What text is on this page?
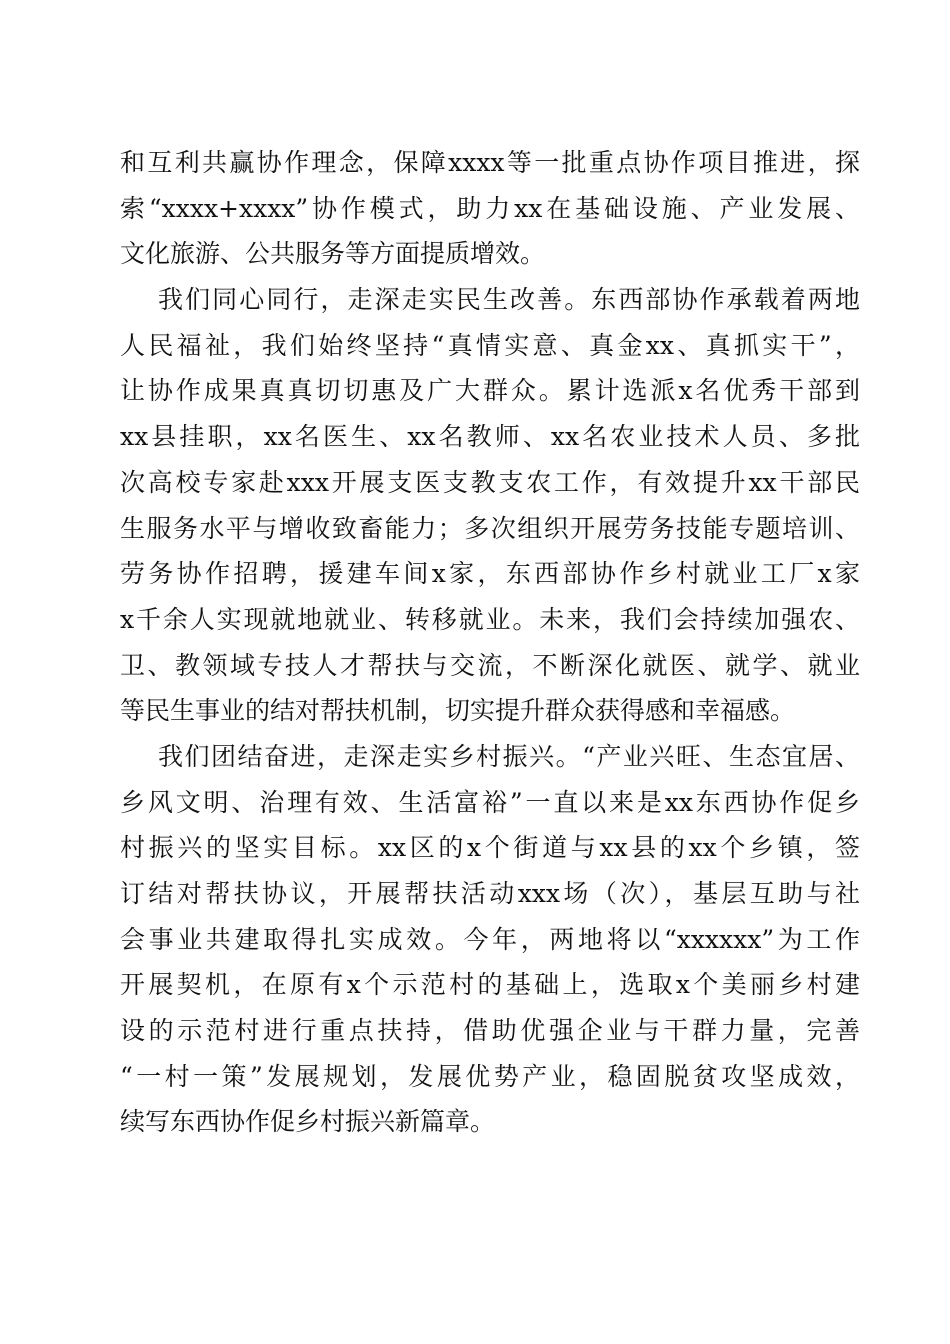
和互利共赢协作理念，保障xxxx等一批重点协作项目推进，探
索“xxxx+xxxx”协作模式，助力xx在基础设施、产业发展、
文化旅游、公共服务等方面提质增效。
我们同心同行，走深走实民生改善。东西部协作承载着两地
人民福祉，我们始终坚持“真情实意、真金xx、真抓实干”，
让协作成果真真切切惠及广大群众。累计选派x名优秀干部到
xx县挂职，xx名医生、xx名教师、xx名农业技术人员、多批
次高校专家赴xxx开展支医支教支农工作，有效提升xx干部民
生服务水平与增收致畜能力；多次组织开展劳务技能专题培训、
劳务协作招聘，援建车间x家，东西部协作乡村就业工厂x家
x千余人实现就地就业、转移就业。未来，我们会持续加强农、
卫、教领域专技人才帮扶与交流，不断深化就医、就学、就业
等民生事业的结对帮扶机制，切实提升群众获得感和幸福感。
我们团结奋进，走深走实乡村振兴。“产业兴旺、生态宜居、
乡风文明、治理有效、生活富裕”一直以来是xx东西协作促乡
村振兴的坚实目标。xx区的x个街道与xx县的xx个乡镇，签
订结对帮扶协议，开展帮扶活动xxx场（次），基层互助与社
会事业共建取得扎实成效。今年，两地将以“xxxxxx”为工作
开展契机，在原有x个示范村的基础上，选取x个美丽乡村建
设的示范村进行重点扶持，借助优强企业与干群力量，完善
“一村一策”发展规划，发展优势产业，稳固脱贫攻坚成效，
续写东西协作促乡村振兴新篇章。
